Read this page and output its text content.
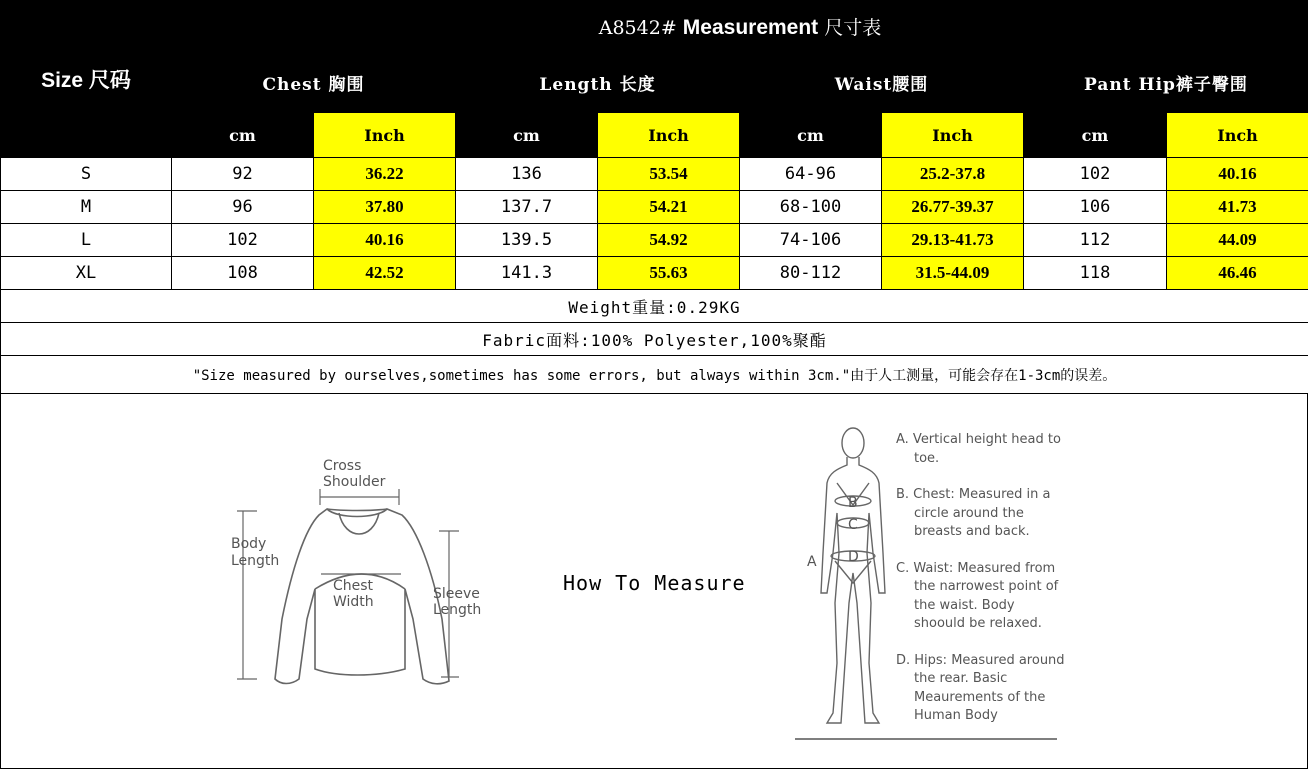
Size 尺码	A8542# Measurement 尺寸表							
	Chest 胸围		Length 长度		Waist腰围		Pant Hip裤子臀围	
	cm	Inch	cm	Inch	cm	Inch	cm	Inch
S	92	36.22	136	53.54	64-96	25.2-37.8	102	40.16
M	96	37.80	137.7	54.21	68-100	26.77-39.37	106	41.73
L	102	40.16	139.5	54.92	74-106	29.13-41.73	112	44.09
XL	108	42.52	141.3	55.63	80-112	31.5-44.09	118	46.46
Weight重量:0.29KG								
Fabric面料:100% Polyester,100%聚酯								
"Size measured by ourselves,sometimes has some errors, but always within 3cm."由于人工测量，可能会存在1-3cm的误差。								
Cross
Shoulder
Body
Length
Chest
Width	Sleeve
Length
How To Measure
A
B
C
D
A. Vertical height head to toe.
B. Chest: Measured in a circle around the breasts and back.
C. Waist: Measured from the narrowest point of the waist. Body shoould be relaxed.
D. Hips: Measured around the rear. Basic Meaurements of the Human Body
